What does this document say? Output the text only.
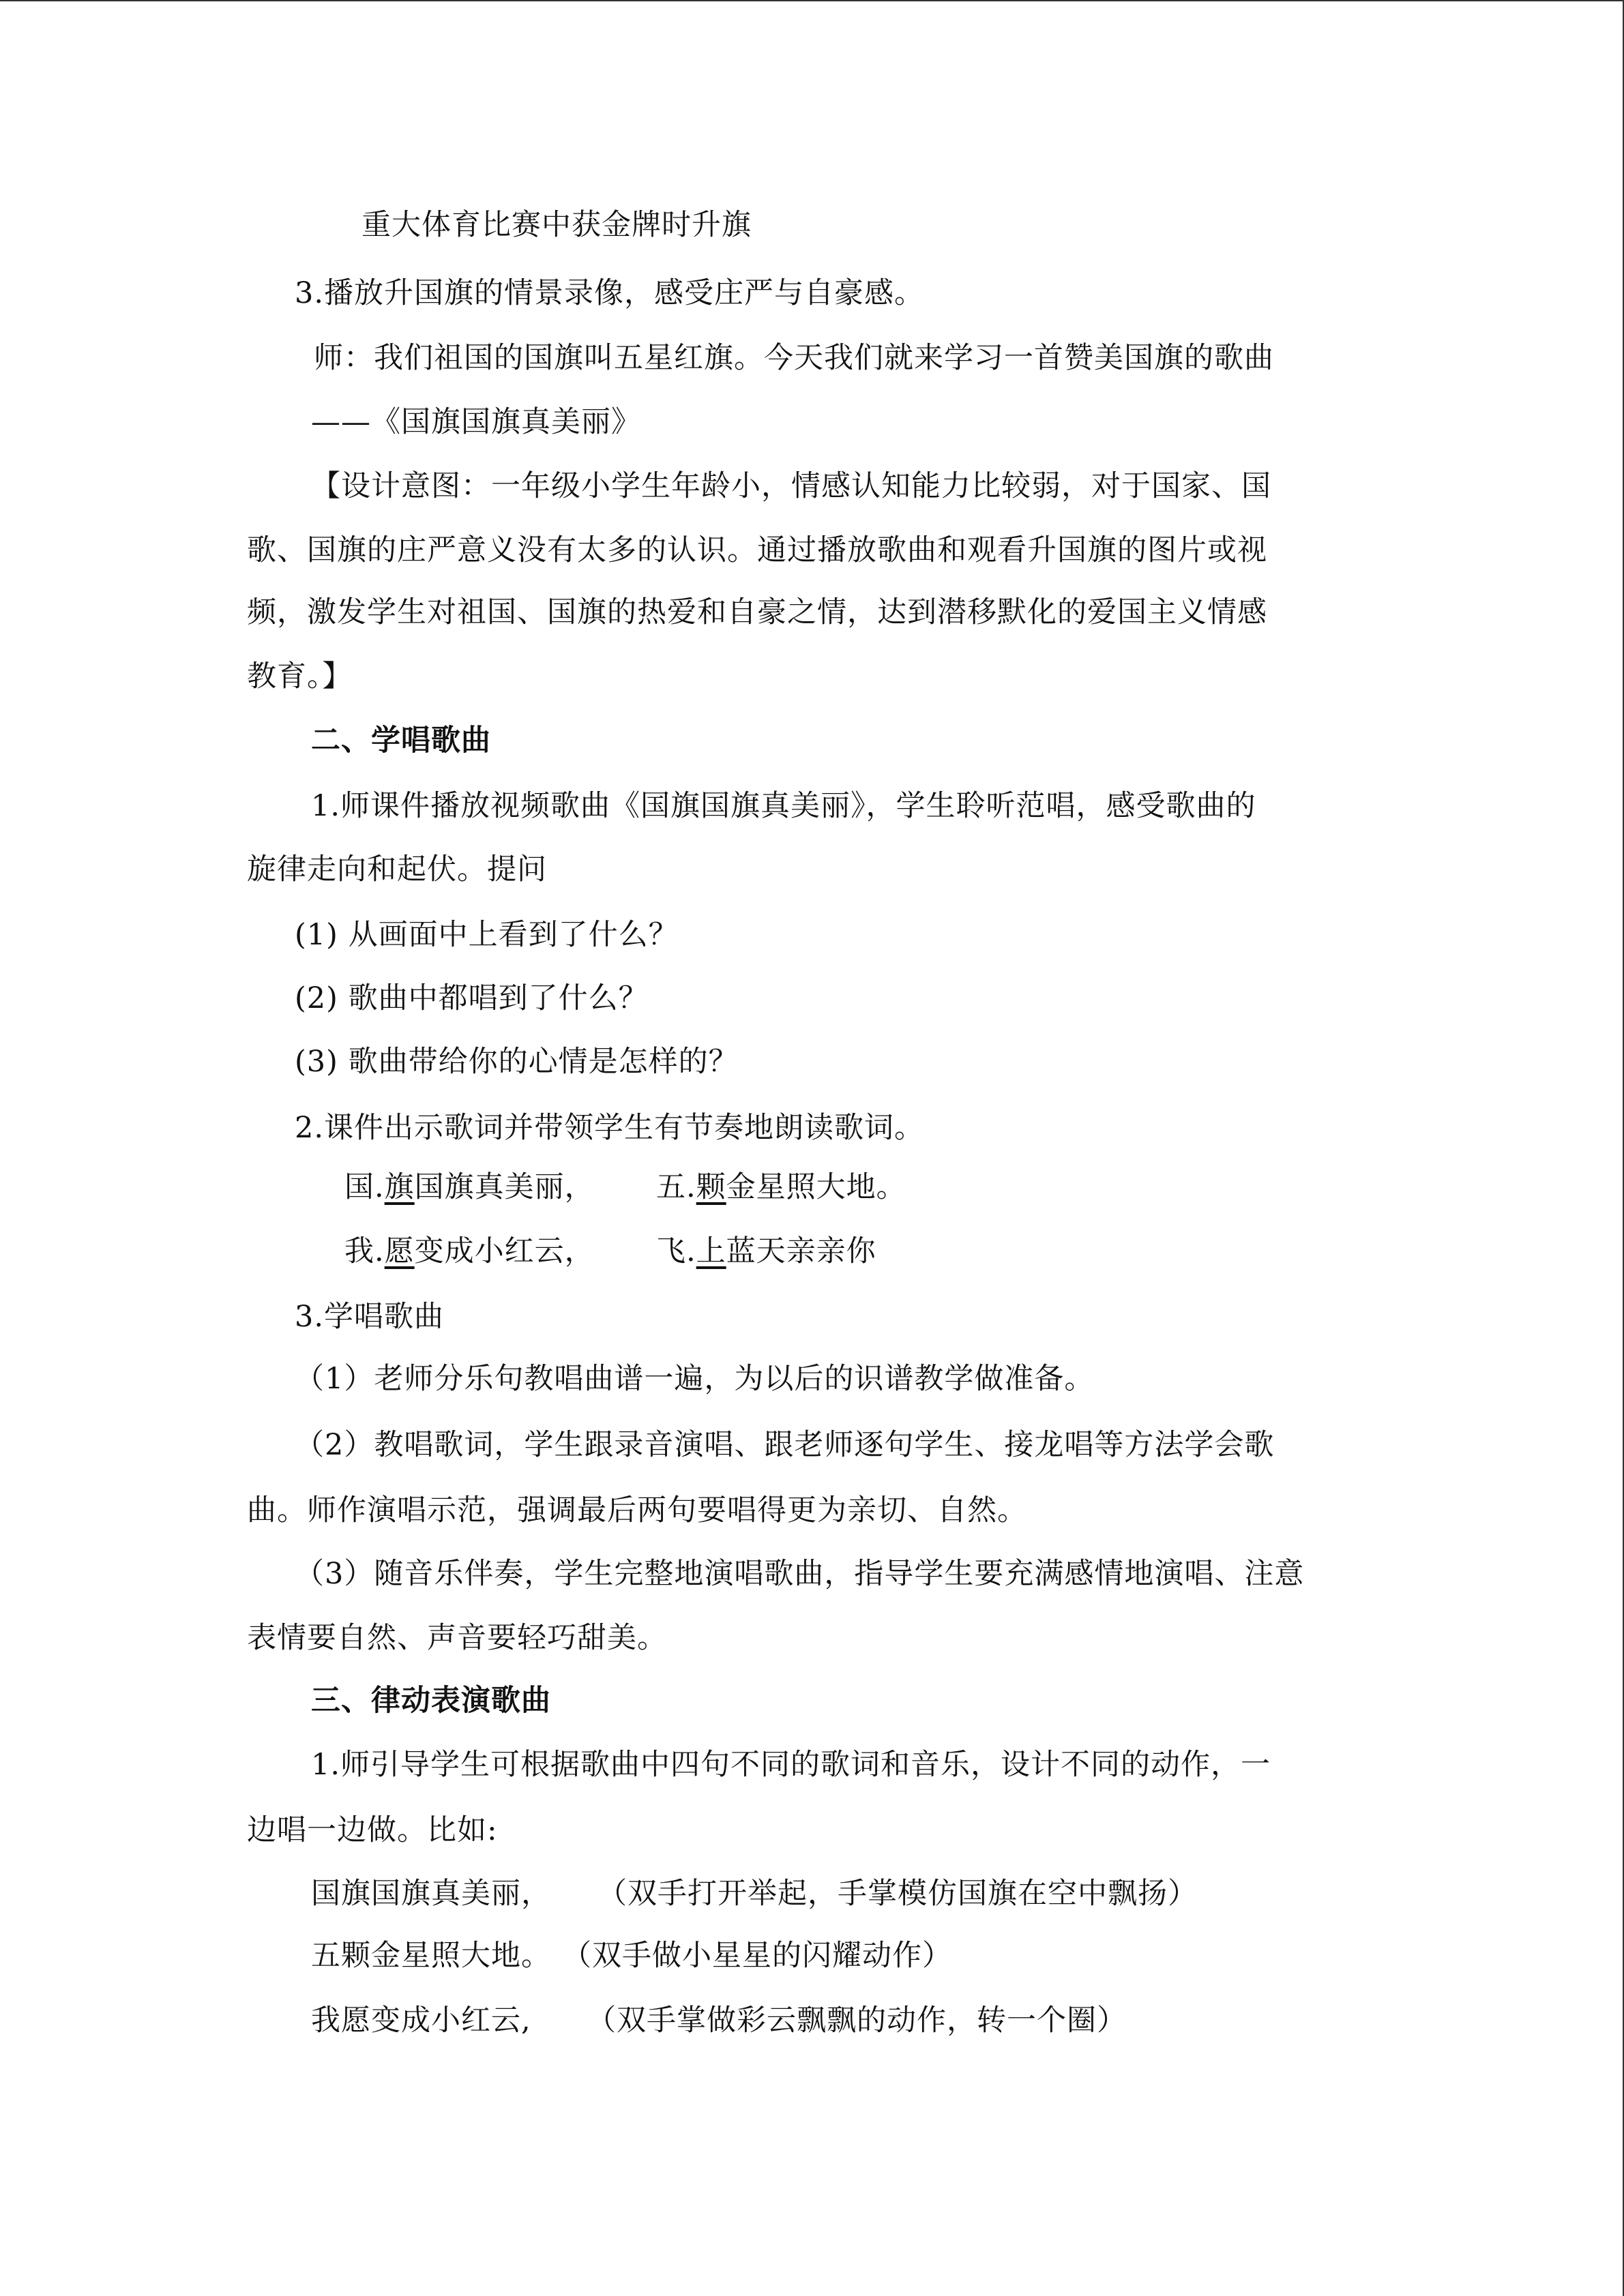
重大体育比赛中获金牌时升旗
3.播放升国旗的情景录像，感受庄严与自豪感。
师：我们祖国的国旗叫五星红旗。今天我们就来学习一首赞美国旗的歌曲
——《国旗国旗真美丽》
【设计意图：一年级小学生年龄小，情感认知能力比较弱，对于国家、国
歌、国旗的庄严意义没有太多的认识。通过播放歌曲和观看升国旗的图片或视
频，激发学生对祖国、国旗的热爱和自豪之情，达到潜移默化的爱国主义情感
教育。】
二、学唱歌曲
1.师课件播放视频歌曲《国旗国旗真美丽》，学生聆听范唱，感受歌曲的
旋律走向和起伏。提问
(1) 从画面中上看到了什么？
(2) 歌曲中都唱到了什么？
(3) 歌曲带给你的心情是怎样的？
2.课件出示歌词并带领学生有节奏地朗读歌词。
国.旗国旗真美丽， 五.颗金星照大地。
我.愿变成小红云， 飞.上蓝天亲亲你
3.学唱歌曲
（1）老师分乐句教唱曲谱一遍，为以后的识谱教学做准备。
（2）教唱歌词，学生跟录音演唱、跟老师逐句学生、接龙唱等方法学会歌
曲。师作演唱示范，强调最后两句要唱得更为亲切、自然。
（3）随音乐伴奏，学生完整地演唱歌曲，指导学生要充满感情地演唱、注意
表情要自然、声音要轻巧甜美。
三、律动表演歌曲
1.师引导学生可根据歌曲中四句不同的歌词和音乐，设计不同的动作，一
边唱一边做。比如:
国旗国旗真美丽， （双手打开举起，手掌模仿国旗在空中飘扬）
五颗金星照大地。 （双手做小星星的闪耀动作）
我愿变成小红云, （双手掌做彩云飘飘的动作，转一个圈）
